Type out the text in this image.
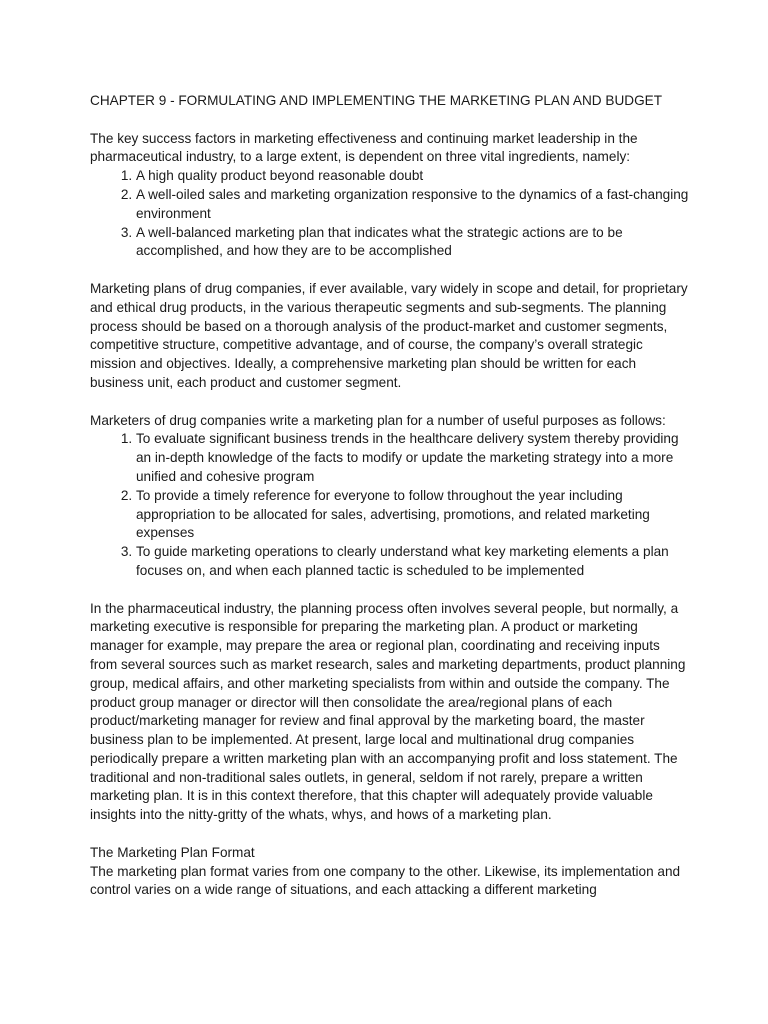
CHAPTER 9 - FORMULATING AND IMPLEMENTING THE MARKETING PLAN AND BUDGET

The key success factors in marketing effectiveness and continuing market leadership in the pharmaceutical industry, to a large extent, is dependent on three vital ingredients, namely:

1. A high quality product beyond reasonable doubt
2. A well-oiled sales and marketing organization responsive to the dynamics of a fast-changing environment
3. A well-balanced marketing plan that indicates what the strategic actions are to be accomplished, and how they are to be accomplished

Marketing plans of drug companies, if ever available, vary widely in scope and detail, for proprietary and ethical drug products, in the various therapeutic segments and sub-segments. The planning process should be based on a thorough analysis of the product-market and customer segments, competitive structure, competitive advantage, and of course, the company’s overall strategic mission and objectives. Ideally, a comprehensive marketing plan should be written for each business unit, each product and customer segment.

Marketers of drug companies write a marketing plan for a number of useful purposes as follows:

1. To evaluate significant business trends in the healthcare delivery system thereby providing an in-depth knowledge of the facts to modify or update the marketing strategy into a more unified and cohesive program
2. To provide a timely reference for everyone to follow throughout the year including appropriation to be allocated for sales, advertising, promotions, and related marketing expenses
3. To guide marketing operations to clearly understand what key marketing elements a plan focuses on, and when each planned tactic is scheduled to be implemented

In the pharmaceutical industry, the planning process often involves several people, but normally, a marketing executive is responsible for preparing the marketing plan. A product or marketing manager for example, may prepare the area or regional plan, coordinating and receiving inputs from several sources such as market research, sales and marketing departments, product planning group, medical affairs, and other marketing specialists from within and outside the company. The product group manager or director will then consolidate the area/regional plans of each product/marketing manager for review and final approval by the marketing board, the master business plan to be implemented. At present, large local and multinational drug companies periodically prepare a written marketing plan with an accompanying profit and loss statement. The traditional and non-traditional sales outlets, in general, seldom if not rarely, prepare a written marketing plan. It is in this context therefore, that this chapter will adequately provide valuable insights into the nitty-gritty of the whats, whys, and hows of a marketing plan.

The Marketing Plan Format

The marketing plan format varies from one company to the other. Likewise, its implementation and control varies on a wide range of situations, and each attacking a different marketing
